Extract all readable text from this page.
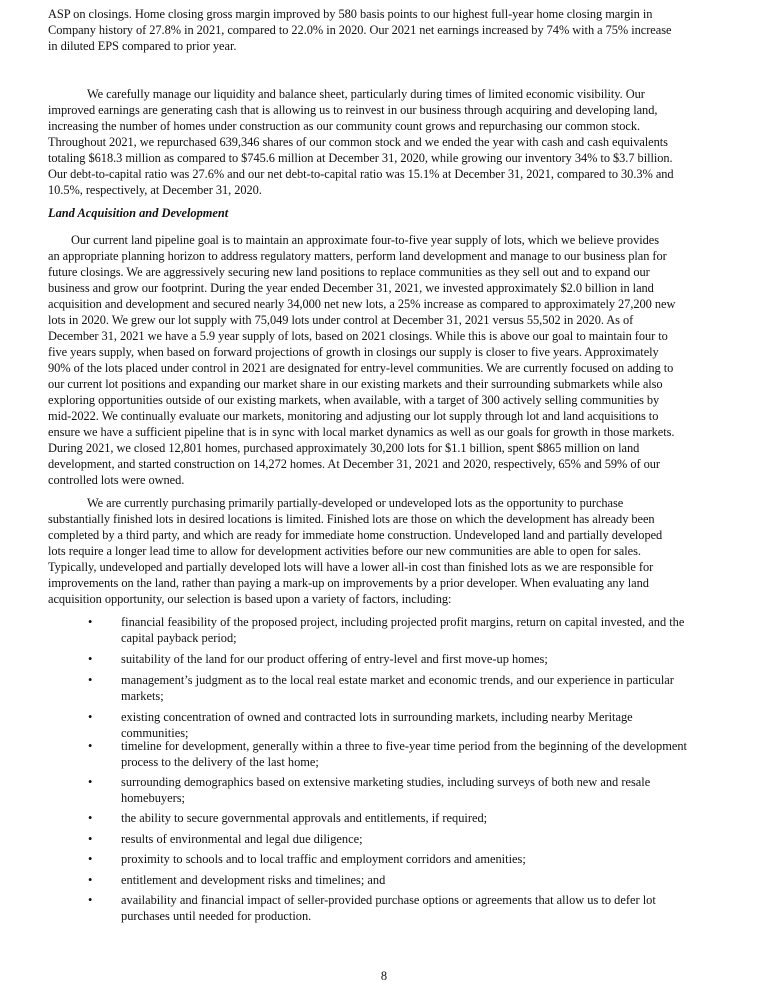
ASP on closings. Home closing gross margin improved by 580 basis points to our highest full-year home closing margin in
Company history of 27.8% in 2021, compared to 22.0% in 2020. Our 2021 net earnings increased by 74% with a 75% increase
in diluted EPS compared to prior year.
We carefully manage our liquidity and balance sheet, particularly during times of limited economic visibility. Our
improved earnings are generating cash that is allowing us to reinvest in our business through acquiring and developing land,
increasing the number of homes under construction as our community count grows and repurchasing our common stock.
Throughout 2021, we repurchased 639,346 shares of our common stock and we ended the year with cash and cash equivalents
totaling $618.3 million as compared to $745.6 million at December 31, 2020, while growing our inventory 34% to $3.7 billion.
Our debt-to-capital ratio was 27.6% and our net debt-to-capital ratio was 15.1% at December 31, 2021, compared to 30.3% and
10.5%, respectively, at December 31, 2020.
Land Acquisition and Development
Our current land pipeline goal is to maintain an approximate four-to-five year supply of lots, which we believe provides
an appropriate planning horizon to address regulatory matters, perform land development and manage to our business plan for
future closings. We are aggressively securing new land positions to replace communities as they sell out and to expand our
business and grow our footprint. During the year ended December 31, 2021, we invested approximately $2.0 billion in land
acquisition and development and secured nearly 34,000 net new lots, a 25% increase as compared to approximately 27,200 new
lots in 2020. We grew our lot supply with 75,049 lots under control at December 31, 2021 versus 55,502 in 2020. As of
December 31, 2021 we have a 5.9 year supply of lots, based on 2021 closings. While this is above our goal to maintain four to
five years supply, when based on forward projections of growth in closings our supply is closer to five years. Approximately
90% of the lots placed under control in 2021 are designated for entry-level communities. We are currently focused on adding to
our current lot positions and expanding our market share in our existing markets and their surrounding submarkets while also
exploring opportunities outside of our existing markets, when available, with a target of 300 actively selling communities by
mid-2022. We continually evaluate our markets, monitoring and adjusting our lot supply through lot and land acquisitions to
ensure we have a sufficient pipeline that is in sync with local market dynamics as well as our goals for growth in those markets.
During 2021, we closed 12,801 homes, purchased approximately 30,200 lots for $1.1 billion, spent $865 million on land
development, and started construction on 14,272 homes. At December 31, 2021 and 2020, respectively, 65% and 59% of our
controlled lots were owned.
We are currently purchasing primarily partially-developed or undeveloped lots as the opportunity to purchase
substantially finished lots in desired locations is limited. Finished lots are those on which the development has already been
completed by a third party, and which are ready for immediate home construction. Undeveloped land and partially developed
lots require a longer lead time to allow for development activities before our new communities are able to open for sales.
Typically, undeveloped and partially developed lots will have a lower all-in cost than finished lots as we are responsible for
improvements on the land, rather than paying a mark-up on improvements by a prior developer. When evaluating any land
acquisition opportunity, our selection is based upon a variety of factors, including:
• financial feasibility of the proposed project, including projected profit margins, return on capital invested, and the
capital payback period;
• suitability of the land for our product offering of entry-level and first move-up homes;
• management’s judgment as to the local real estate market and economic trends, and our experience in particular
markets;
• existing concentration of owned and contracted lots in surrounding markets, including nearby Meritage
communities;
• timeline for development, generally within a three to five-year time period from the beginning of the development
process to the delivery of the last home;
• surrounding demographics based on extensive marketing studies, including surveys of both new and resale
homebuyers;
• the ability to secure governmental approvals and entitlements, if required;
• results of environmental and legal due diligence;
• proximity to schools and to local traffic and employment corridors and amenities;
• entitlement and development risks and timelines; and
• availability and financial impact of seller-provided purchase options or agreements that allow us to defer lot
purchases until needed for production.
8
